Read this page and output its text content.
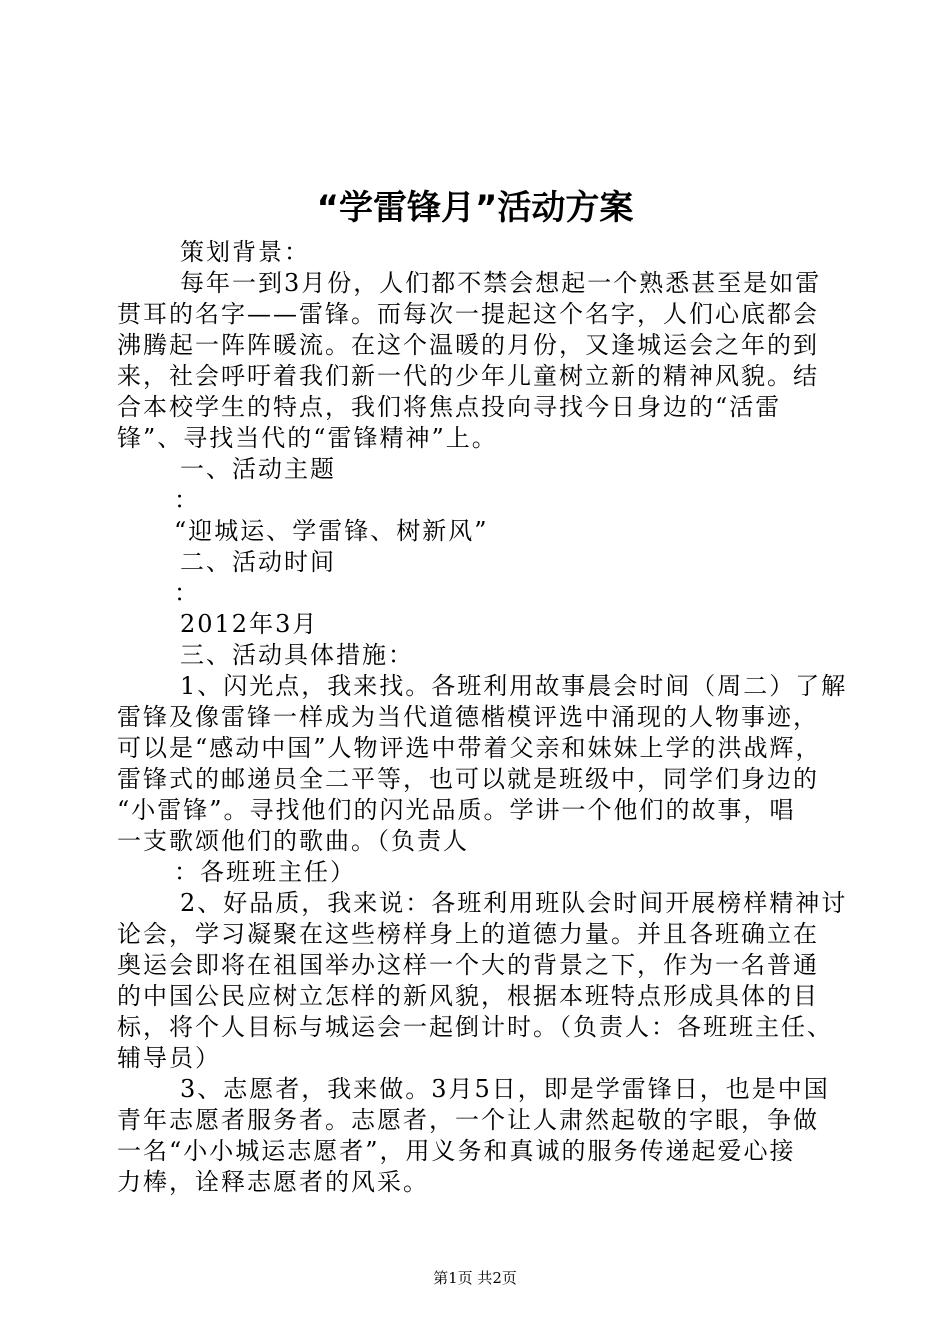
“学雷锋月”活动方案

策划背景：

每年一到3月份，人们都不禁会想起一个熟悉甚至是如雷

贯耳的名字——雷锋。而每次一提起这个名字，人们心底都会

沸腾起一阵阵暖流。在这个温暖的月份，又逢城运会之年的到

来，社会呼吁着我们新一代的少年儿童树立新的精神风貌。结

合本校学生的特点，我们将焦点投向寻找今日身边的“活雷

锋”、寻找当代的“雷锋精神”上。

一、活动主题

：

“迎城运、学雷锋、树新风”

二、活动时间

：

2012年3月

三、活动具体措施：

1、闪光点，我来找。各班利用故事晨会时间（周二）了解

雷锋及像雷锋一样成为当代道德楷模评选中涌现的人物事迹，

可以是“感动中国”人物评选中带着父亲和妹妹上学的洪战辉，

雷锋式的邮递员全二平等，也可以就是班级中，同学们身边的

“小雷锋”。寻找他们的闪光品质。学讲一个他们的故事，唱

一支歌颂他们的歌曲。（负责人

：各班班主任）

2、好品质，我来说：各班利用班队会时间开展榜样精神讨

论会，学习凝聚在这些榜样身上的道德力量。并且各班确立在

奥运会即将在祖国举办这样一个大的背景之下，作为一名普通

的中国公民应树立怎样的新风貌，根据本班特点形成具体的目

标，将个人目标与城运会一起倒计时。（负责人：各班班主任、

辅导员）

3、志愿者，我来做。3月5日，即是学雷锋日，也是中国

青年志愿者服务者。志愿者，一个让人肃然起敬的字眼，争做

一名“小小城运志愿者”，用义务和真诚的服务传递起爱心接

力棒，诠释志愿者的风采。

第1页 共2页
